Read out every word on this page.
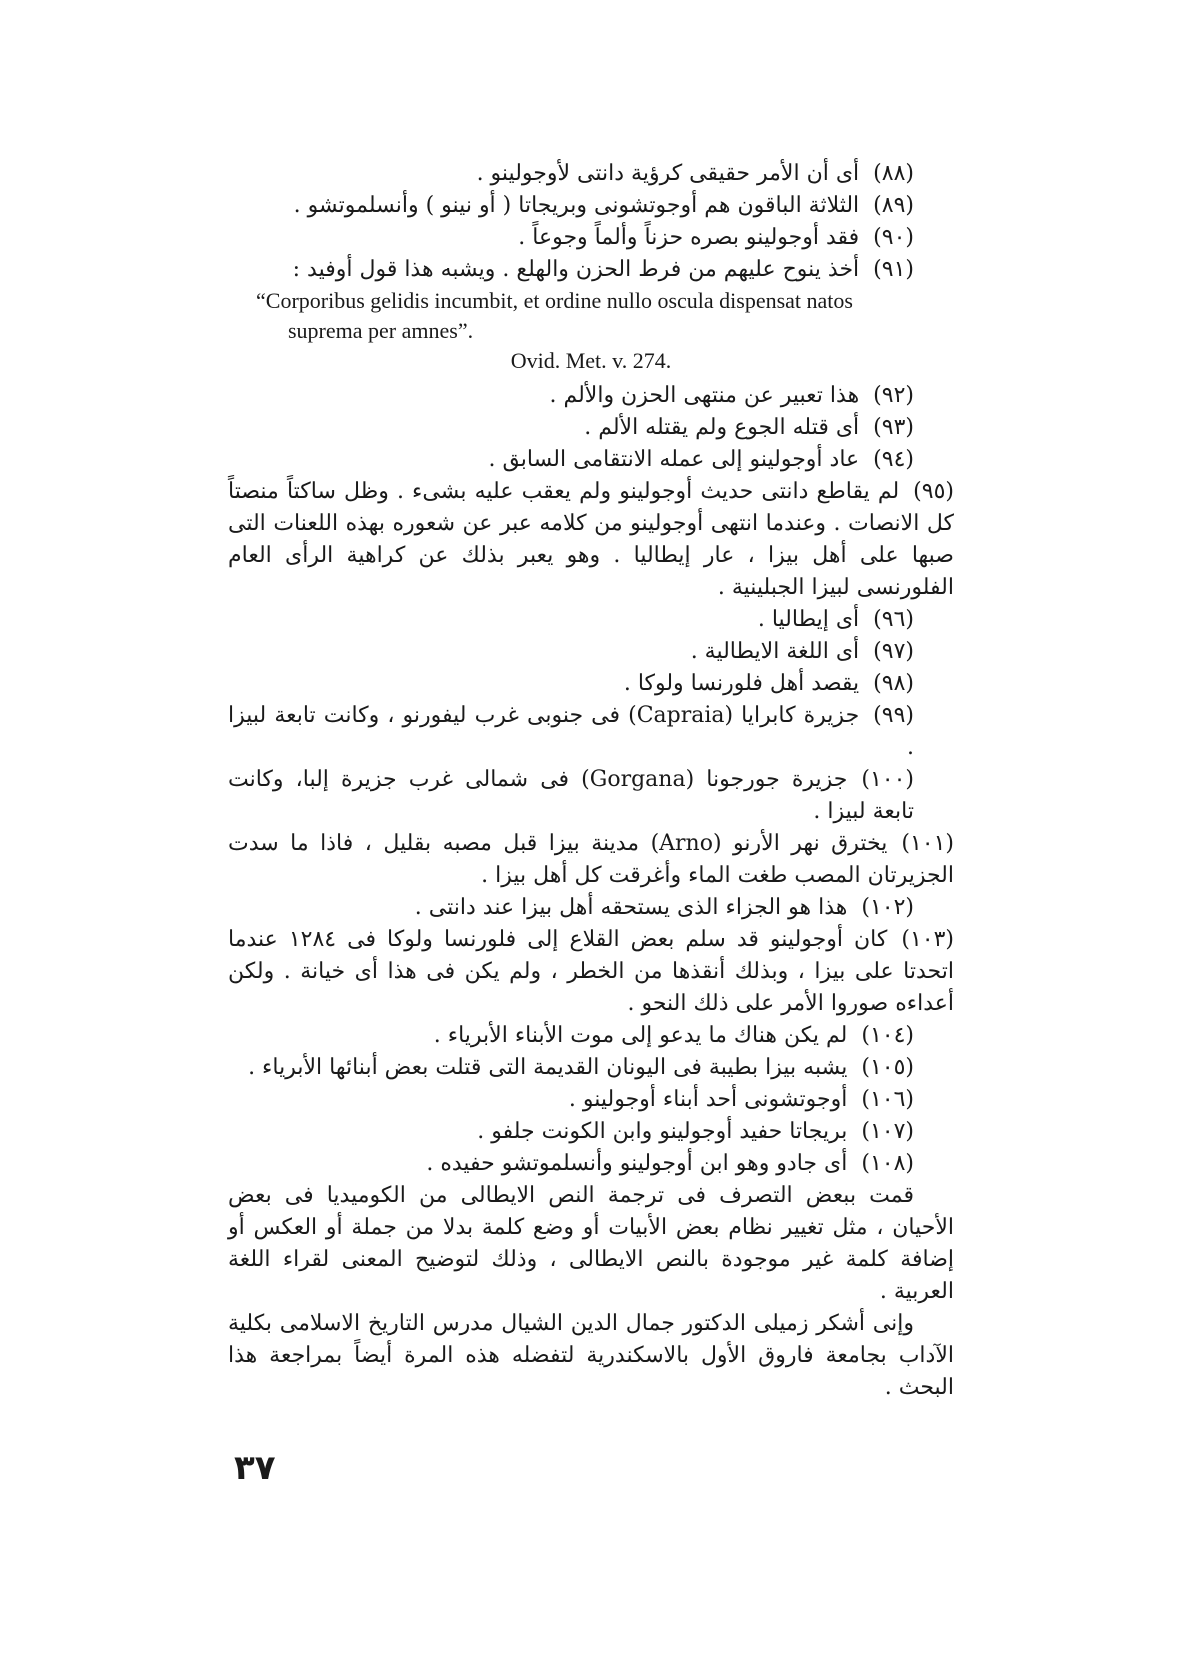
(٨٨)أى أن الأمر حقيقى كرؤية دانتى لأوجولينو .

(٨٩)الثلاثة الباقون هم أوجوتشونى وبريجاتا ( أو نينو ) وأنسلموتشو .

(٩٠)فقد أوجولينو بصره حزناً وألماً وجوعاً .

(٩١)أخذ ينوح عليهم من فرط الحزن والهلع . ويشبه هذا قول أوفيد :

“Corporibus gelidis incumbit, et ordine nullo oscula dispensat natos

suprema per amnes”.

Ovid. Met. v. 274.

(٩٢)هذا تعبير عن منتهى الحزن والألم .

(٩٣)أى قتله الجوع ولم يقتله الألم .

(٩٤)عاد أوجولينو إلى عمله الانتقامى السابق .

(٩٥)لم يقاطع دانتى حديث أوجولينو ولم يعقب عليه بشىء . وظل ساكتاً منصتاً كل الانصات . وعندما انتهى أوجولينو من كلامه عبر عن شعوره بهذه اللعنات التى صبها على أهل بيزا ، عار إيطاليا . وهو يعبر بذلك عن كراهية الرأى العام الفلورنسى لبيزا الجبلينية .

(٩٦)أى إيطاليا .

(٩٧)أى اللغة الايطالية .

(٩٨)يقصد أهل فلورنسا ولوكا .

(٩٩)جزيرة كابرايا (Capraia) فى جنوبى غرب ليفورنو ، وكانت تابعة لبيزا .

(١٠٠)جزيرة جورجونا (Gorgana) فى شمالى غرب جزيرة إلبا، وكانت تابعة لبيزا .

(١٠١)يخترق نهر الأرنو (Arno) مدينة بيزا قبل مصبه بقليل ، فاذا ما سدت الجزيرتان المصب طغت الماء وأغرقت كل أهل بيزا .

(١٠٢)هذا هو الجزاء الذى يستحقه أهل بيزا عند دانتى .

(١٠٣)كان أوجولينو قد سلم بعض القلاع إلى فلورنسا ولوكا فى ١٢٨٤ عندما اتحدتا على بيزا ، وبذلك أنقذها من الخطر ، ولم يكن فى هذا أى خيانة . ولكن أعداءه صوروا الأمر على ذلك النحو .

(١٠٤)لم يكن هناك ما يدعو إلى موت الأبناء الأبرياء .

(١٠٥)يشبه بيزا بطيبة فى اليونان القديمة التى قتلت بعض أبنائها الأبرياء .

(١٠٦)أوجوتشونى أحد أبناء أوجولينو .

(١٠٧)بريجاتا حفيد أوجولينو وابن الكونت جلفو .

(١٠٨)أى جادو وهو ابن أوجولينو وأنسلموتشو حفيده .

قمت ببعض التصرف فى ترجمة النص الايطالى من الكوميديا فى بعض الأحيان ، مثل تغيير نظام بعض الأبيات أو وضع كلمة بدلا من جملة أو العكس أو إضافة كلمة غير موجودة بالنص الايطالى ، وذلك لتوضيح المعنى لقراء اللغة العربية .

وإنى أشكر زميلى الدكتور جمال الدين الشيال مدرس التاريخ الاسلامى بكلية الآداب بجامعة فاروق الأول بالاسكندرية لتفضله هذه المرة أيضاً بمراجعة هذا البحث .

٣٧
